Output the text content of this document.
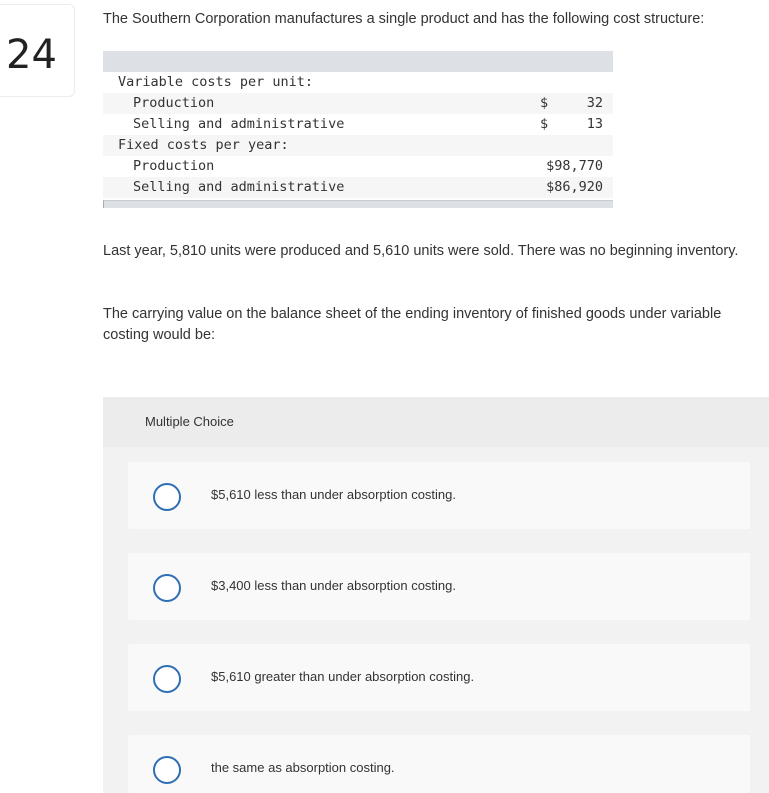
24
The Southern Corporation manufactures a single product and has the following cost structure:
Variable costs per unit:
Production	$	32
Selling and administrative	$	13
Fixed costs per year:
Production	$98,770
Selling and administrative	$86,920
Last year, 5,810 units were produced and 5,610 units were sold. There was no beginning inventory.
The carrying value on the balance sheet of the ending inventory of finished goods under variable costing would be:
Multiple Choice
$5,610 less than under absorption costing.
$3,400 less than under absorption costing.
$5,610 greater than under absorption costing.
the same as absorption costing.
